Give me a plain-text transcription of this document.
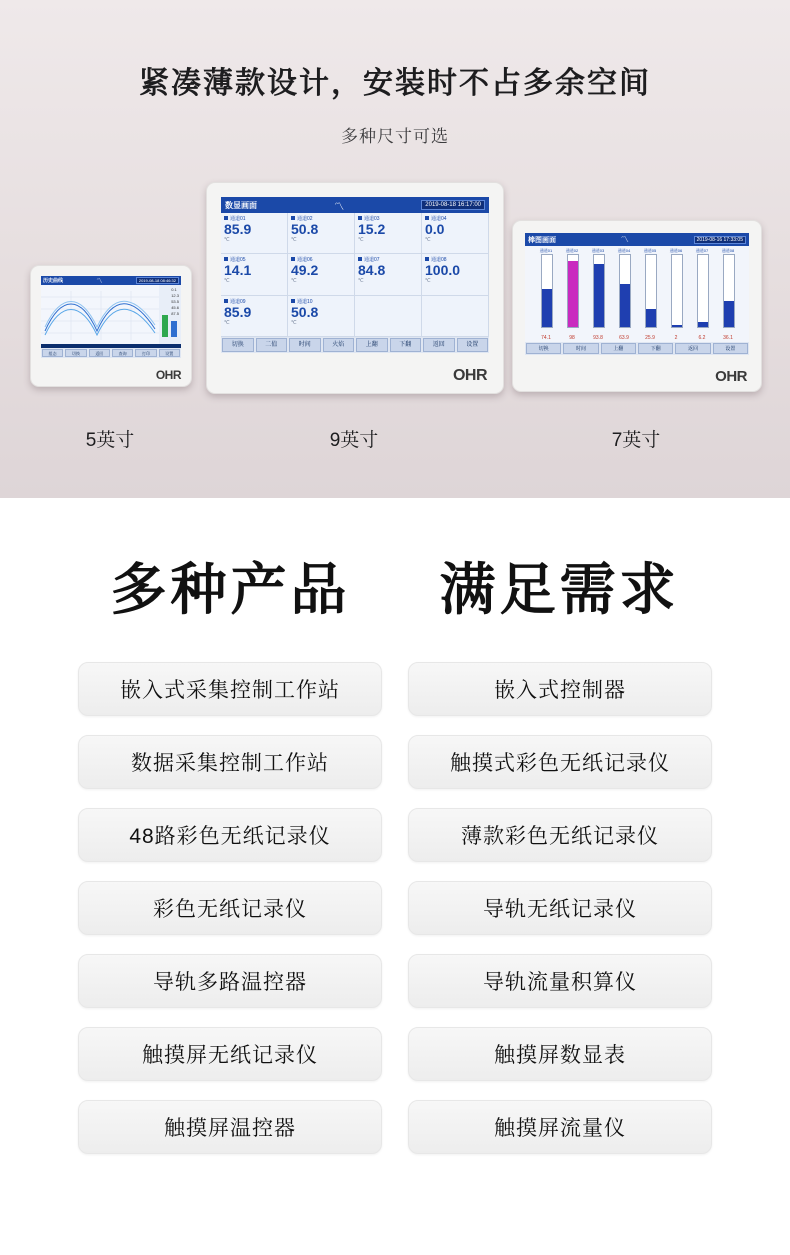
紧凑薄款设计，安装时不占多余空间
多种尺寸可选
历史曲线	〽	2019-08-18 08:46:32
0.1
12.3
53.5
45.6
87.5
组态	切换	返回	查询	打印	设置
OHR
5英寸
数显画面	〽	2019-08-18 16:17:00
通道01
85.9
℃
通道02
50.8
℃
通道03
15.2
℃
通道04
0.0
℃
通道05
14.1
℃
通道06
49.2
℃
通道07
84.8
℃
通道08
100.0
℃
通道09
85.9
℃
通道10
50.8
℃
切换	二值	时间	火焰	上翻	下翻	返回	设置
OHR
9英寸
棒图画面	〽	2019-08-16 17:33:05
通道01
74.1
通道02
98
通道03
93.8
通道04
63.9
通道05
25.9
通道06
2
通道07
6.2
通道08
36.1
切换	时间	上翻	下翻	返回	设置
OHR
7英寸
多种产品 满足需求
嵌入式采集控制工作站
数据采集控制工作站
48路彩色无纸记录仪
彩色无纸记录仪
导轨多路温控器
触摸屏无纸记录仪
触摸屏温控器
嵌入式控制器
触摸式彩色无纸记录仪
薄款彩色无纸记录仪
导轨无纸记录仪
导轨流量积算仪
触摸屏数显表
触摸屏流量仪
